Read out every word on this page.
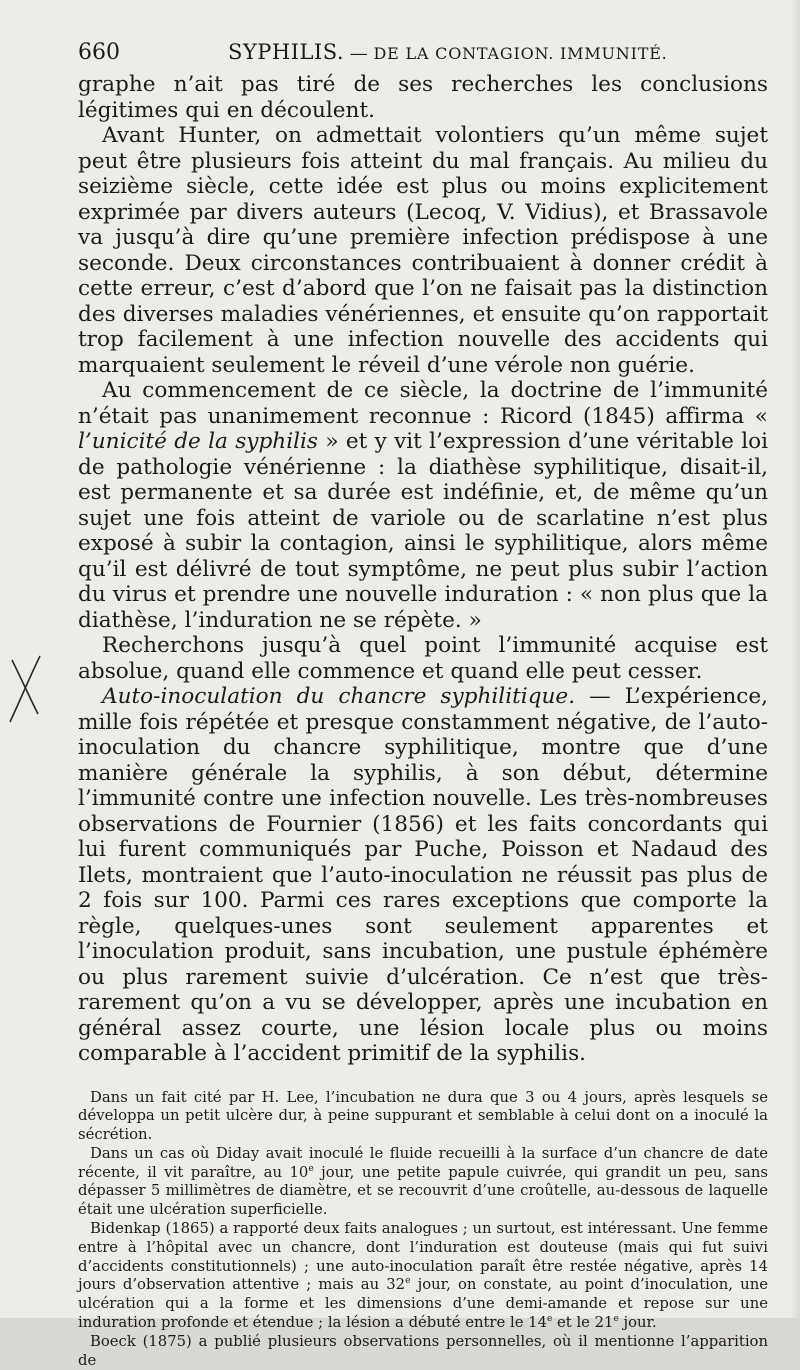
660	SYPHILIS. — DE LA CONTAGION. IMMUNITÉ.

graphe n’ait pas tiré de ses recherches les conclusions légitimes qui en découlent.

Avant Hunter, on admettait volontiers qu’un même sujet peut être plusieurs fois atteint du mal français. Au milieu du seizième siècle, cette idée est plus ou moins explicitement exprimée par divers auteurs (Lecoq, V. Vidius), et Brassavole va jusqu’à dire qu’une première infection prédispose à une seconde. Deux circonstances contribuaient à donner crédit à cette erreur, c’est d’abord que l’on ne faisait pas la distinction des diverses maladies vénériennes, et ensuite qu’on rapportait trop facilement à une infection nouvelle des accidents qui marquaient seulement le réveil d’une vérole non guérie.

Au commencement de ce siècle, la doctrine de l’immunité n’était pas unanimement reconnue : Ricord (1845) affirma « l’unicité de la syphilis » et y vit l’expression d’une véritable loi de pathologie vénérienne : la diathèse syphilitique, disait-il, est permanente et sa durée est indéfinie, et, de même qu’un sujet une fois atteint de variole ou de scarlatine n’est plus exposé à subir la contagion, ainsi le syphilitique, alors même qu’il est délivré de tout symptôme, ne peut plus subir l’action du virus et prendre une nouvelle induration : « non plus que la diathèse, l’induration ne se répète. »

Recherchons jusqu’à quel point l’immunité acquise est absolue, quand elle commence et quand elle peut cesser.

Auto-inoculation du chancre syphilitique. — L’expérience, mille fois répétée et presque constamment négative, de l’auto-inoculation du chancre syphilitique, montre que d’une manière générale la syphilis, à son début, détermine l’immunité contre une infection nouvelle. Les très-nombreuses observations de Fournier (1856) et les faits concordants qui lui furent communiqués par Puche, Poisson et Nadaud des Ilets, montraient que l’auto-inoculation ne réussit pas plus de 2 fois sur 100. Parmi ces rares exceptions que comporte la règle, quelques-unes sont seulement apparentes et l’inoculation produit, sans incubation, une pustule éphémère ou plus rarement suivie d’ulcération. Ce n’est que très-rarement qu’on a vu se développer, après une incubation en général assez courte, une lésion locale plus ou moins comparable à l’accident primitif de la syphilis.

Dans un fait cité par H. Lee, l’incubation ne dura que 3 ou 4 jours, après lesquels se développa un petit ulcère dur, à peine suppurant et semblable à celui dont on a inoculé la sécrétion.

Dans un cas où Diday avait inoculé le fluide recueilli à la surface d’un chancre de date récente, il vit paraître, au 10e jour, une petite papule cuivrée, qui grandit un peu, sans dépasser 5 millimètres de diamètre, et se recouvrit d’une croûtelle, au-dessous de laquelle était une ulcération superficielle.

Bidenkap (1865) a rapporté deux faits analogues ; un surtout, est intéressant. Une femme entre à l’hôpital avec un chancre, dont l’induration est douteuse (mais qui fut suivi d’accidents constitutionnels) ; une auto-inoculation paraît être restée négative, après 14 jours d’observation attentive ; mais au 32e jour, on constate, au point d’inoculation, une ulcération qui a la forme et les dimensions d’une demi-amande et repose sur une induration profonde et étendue ; la lésion a débuté entre le 14e et le 21e jour.

Boeck (1875) a publié plusieurs observations personnelles, où il mentionne l’apparition de
